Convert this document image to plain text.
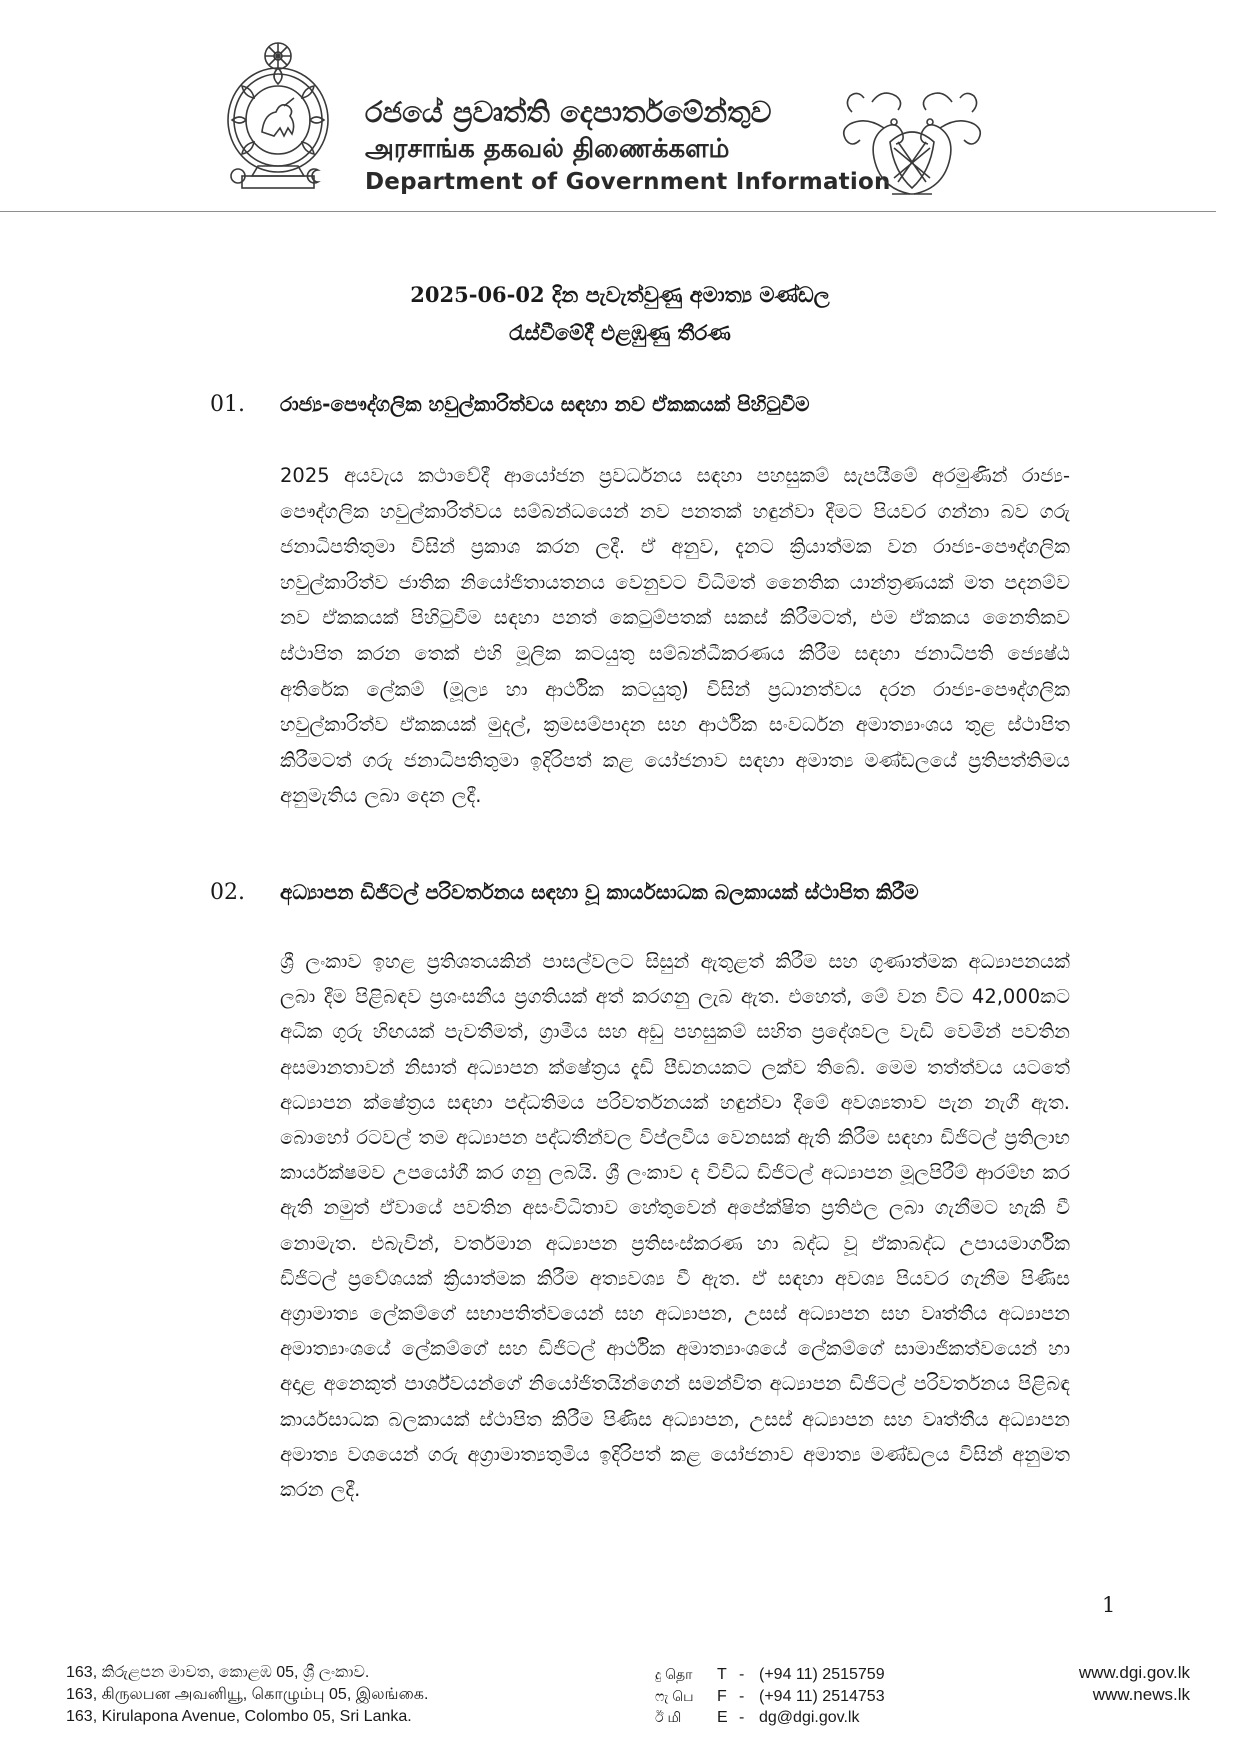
රජයේ ප්‍රවෘත්ති දෙපාර්තමේන්තුව
அரசாங்க தகவல் திணைக்களம்
Department of Government Information
2025-06-02 දින පැවැත්වුණු අමාත්‍ය මණ්ඩල
රැස්වීමේදී එළඹුණු තීරණ
01.	රාජ්‍ය-පෞද්ගලික හවුල්කාරිත්වය සඳහා නව ඒකකයක් පිහිටුවීම

2025 අයවැය කථාවේදී ආයෝජන ප්‍රවර්ධනය සඳහා පහසුකම් සැපයීමේ අරමුණින් රාජ්‍ය-පෞද්ගලික හවුල්කාරිත්වය සම්බන්ධයෙන් නව පනතක් හඳුන්වා දීමට පියවර ගන්නා බව ගරු ජනාධිපතිතුමා විසින් ප්‍රකාශ කරන ලදී. ඒ අනුව, දැනට ක්‍රියාත්මක වන රාජ්‍ය-පෞද්ගලික හවුල්කාරිත්ව ජාතික නියෝජිතායතනය වෙනුවට විධිමත් නෛතික යාන්ත්‍රණයක් මත පදනම්ව නව ඒකකයක් පිහිටුවීම සඳහා පනත් කෙටුම්පතක් සකස් කිරීමටත්, එම ඒකකය නෛතිකව ස්ථාපිත කරන තෙක් එහි මූලික කටයුතු සම්බන්ධීකරණය කිරීම සඳහා ජනාධිපති ජ්‍යෙෂ්ඨ අතිරේක ලේකම් (මූල්‍ය හා ආර්ථික කටයුතු) විසින් ප්‍රධානත්වය දරන රාජ්‍ය-පෞද්ගලික හවුල්කාරිත්ව ඒකකයක් මුදල්, ක්‍රමසම්පාදන සහ ආර්ථික සංවර්ධන අමාත්‍යාංශය තුළ ස්ථාපිත කිරීමටත් ගරු ජනාධිපතිතුමා ඉදිරිපත් කළ යෝජනාව සඳහා අමාත්‍ය මණ්ඩලයේ ප්‍රතිපත්තිමය අනුමැතිය ලබා දෙන ලදී.

02.	අධ්‍යාපන ඩිජිටල් පරිවර්තනය සඳහා වූ කාර්යසාධක බලකායක් ස්ථාපිත කිරීම

ශ්‍රී ලංකාව ඉහළ ප්‍රතිශතයකින් පාසල්වලට සිසුන් ඇතුළත් කිරීම සහ ගුණාත්මක අධ්‍යාපනයක් ලබා දීම පිළිබඳව ප්‍රශංසනීය ප්‍රගතියක් අත් කරගනු ලැබ ඇත. එහෙත්, මේ වන විට 42,000කට අධික ගුරු හිඟයක් පැවතීමත්, ග්‍රාමීය සහ අඩු පහසුකම් සහිත ප්‍රදේශවල වැඩි වෙමින් පවතින අසමානතාවන් නිසාත් අධ්‍යාපන ක්ෂේත්‍රය දැඩි පීඩනයකට ලක්ව තිබේ. මෙම තත්ත්වය යටතේ අධ්‍යාපන ක්ෂේත්‍රය සඳහා පද්ධතිමය පරිවර්තනයක් හඳුන්වා දීමේ අවශ්‍යතාව පැන නැගී ඇත. බොහෝ රටවල් තම අධ්‍යාපන පද්ධතීන්වල විප්ලවීය වෙනසක් ඇති කිරීම සඳහා ඩිජිටල් ප්‍රතිලාභ කාර්යක්ෂමව උපයෝගී කර ගනු ලබයි. ශ්‍රී ලංකාව ද විවිධ ඩිජිටල් අධ්‍යාපන මූලපිරීම් ආරම්භ කර ඇති නමුත් ඒවායේ පවතින අසංවිධිතාව හේතුවෙන් අපේක්ෂිත ප්‍රතිඵල ලබා ගැනීමට හැකි වී නොමැත. එබැවින්, වර්තමාන අධ්‍යාපන ප්‍රතිසංස්කරණ හා බද්ධ වූ ඒකාබද්ධ උපායමාර්ගික ඩිජිටල් ප්‍රවේශයක් ක්‍රියාත්මක කිරීම අත්‍යවශ්‍ය වී ඇත. ඒ සඳහා අවශ්‍ය පියවර ගැනීම පිණිස අග්‍රාමාත්‍ය ලේකම්ගේ සභාපතිත්වයෙන් සහ අධ්‍යාපන, උසස් අධ්‍යාපන සහ වෘත්තීය අධ්‍යාපන අමාත්‍යාංශයේ ලේකම්ගේ සහ ඩිජිටල් ආර්ථික අමාත්‍යාංශයේ ලේකම්ගේ සාමාජිකත්වයෙන් හා අදාළ අනෙකුත් පාර්ශ්වයන්ගේ නියෝජිතයින්ගෙන් සමන්විත අධ්‍යාපන ඩිජිටල් පරිවර්තනය පිළිබඳ කාර්යසාධක බලකායක් ස්ථාපිත කිරීම පිණිස අධ්‍යාපන, උසස් අධ්‍යාපන සහ වෘත්තීය අධ්‍යාපන අමාත්‍ය වශයෙන් ගරු අග්‍රාමාත්‍යතුමිය ඉදිරිපත් කළ යෝජනාව අමාත්‍ය මණ්ඩලය විසින් අනුමත කරන ලදී.

1
163, කිරුළපන මාවත, කොළඹ 05, ශ්‍රී ලංකාව.
163, கிருலபன அவனியூ, கொழும்பு 05, இலங்கை.
163, Kirulapona Avenue, Colombo 05, Sri Lanka.
දු தொ	T - (+94 11) 2515759
ෆැ பெ	F - (+94 11) 2514753
ඊ மி	E - dg@dgi.gov.lk
www.dgi.gov.lk
www.news.lk
